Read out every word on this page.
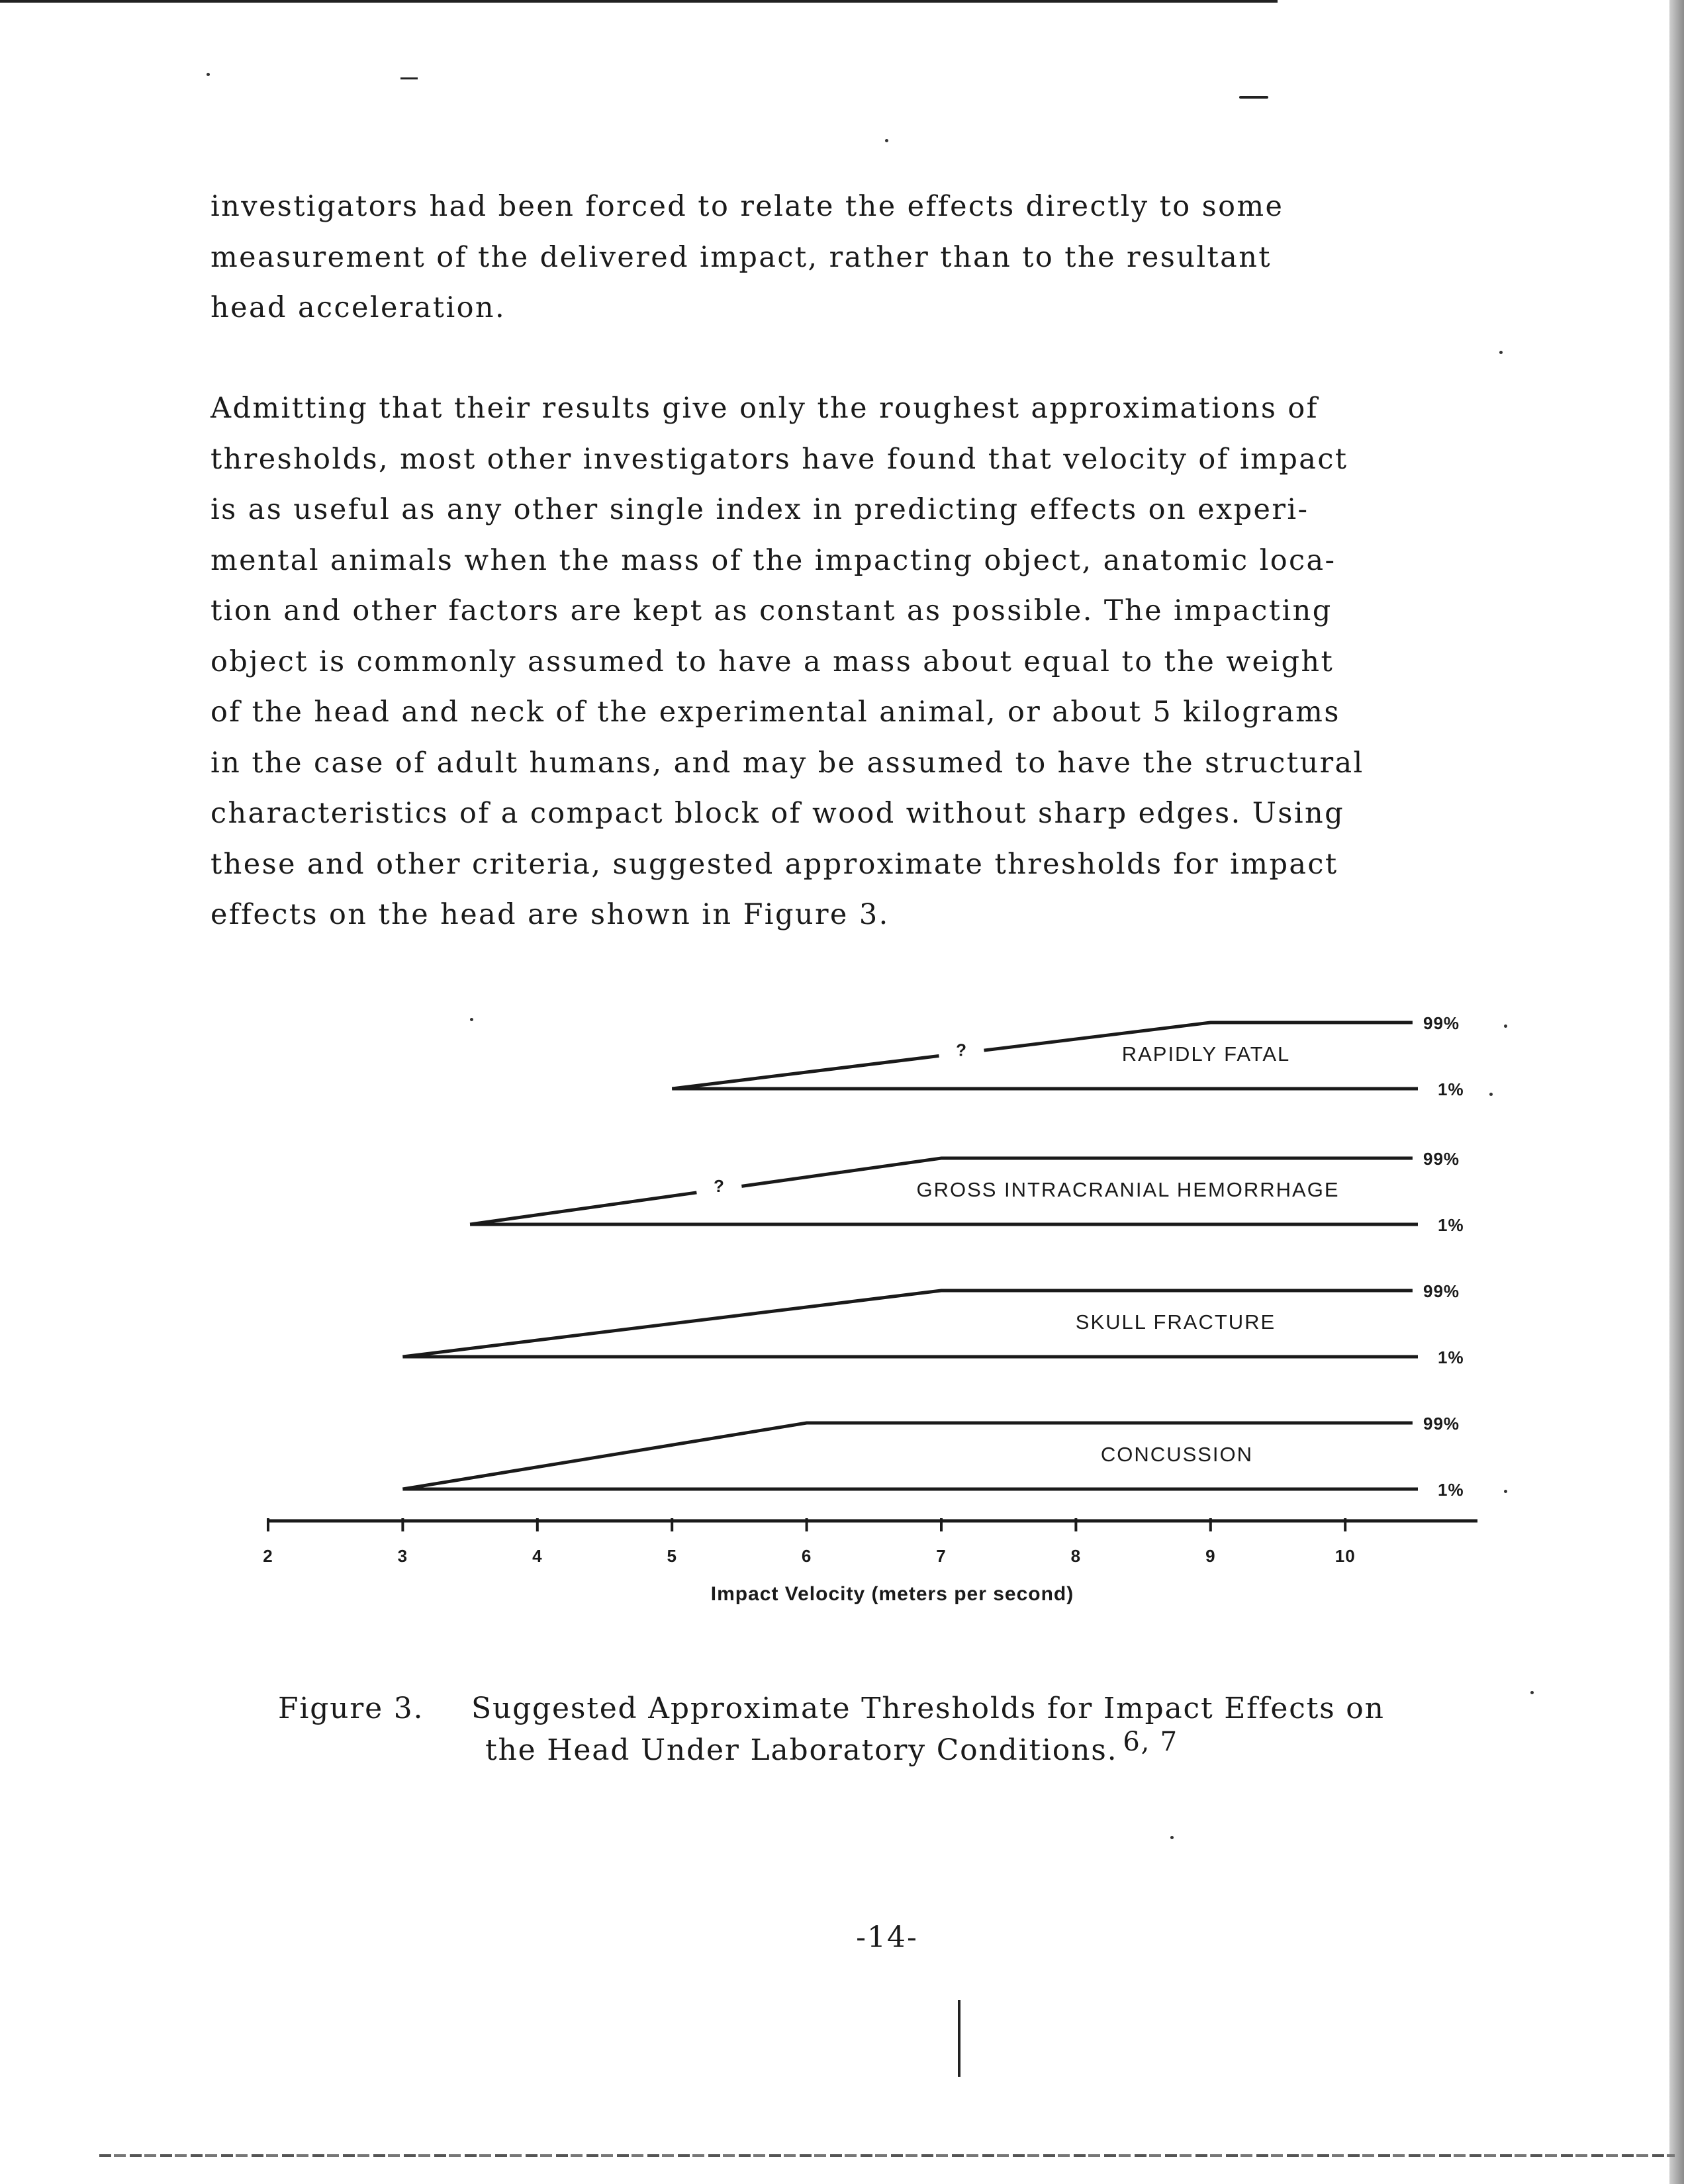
investigators had been forced to relate the effects directly to some
measurement of the delivered impact, rather than to the resultant
head acceleration.
Admitting that their results give only the roughest approximations of
thresholds, most other investigators have found that velocity of impact
is as useful as any other single index in predicting effects on experi-
mental animals when the mass of the impacting object, anatomic loca-
tion and other factors are kept as constant as possible. The impacting
object is commonly assumed to have a mass about equal to the weight
of the head and neck of the experimental animal, or about 5 kilograms
in the case of adult humans, and may be assumed to have the structural
characteristics of a compact block of wood without sharp edges. Using
these and other criteria, suggested approximate thresholds for impact
effects on the head are shown in Figure 3.
2	3	4	5	6	7	8	9	10
Impact Velocity (meters per second)
?	RAPIDLY FATAL
99%
1%
?	GROSS INTRACRANIAL HEMORRHAGE
99%
1%
SKULL FRACTURE
99%
1%
CONCUSSION
99%
1%
Figure 3. Suggested Approximate Thresholds for Impact Effects on
the Head Under Laboratory Conditions. $^{6, 7}$
-14-
